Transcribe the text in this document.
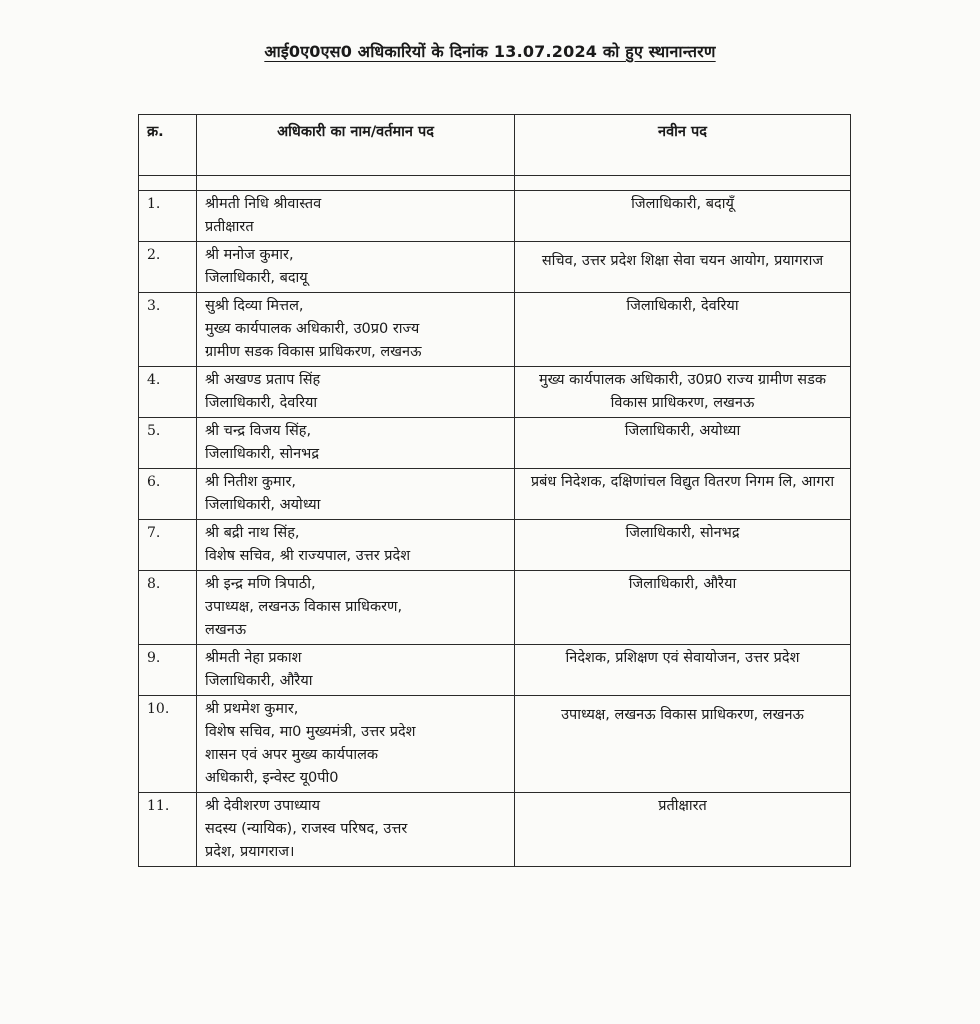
आई0ए0एस0 अधिकारियों के दिनांक 13.07.2024 को हुए स्थानान्तरण
क्र.	अधिकारी का नाम/वर्तमान पद	नवीन पद

1.	श्रीमती निधि श्रीवास्तव
प्रतीक्षारत	जिलाधिकारी, बदायूँ
2.	श्री मनोज कुमार,
जिलाधिकारी, बदायू	सचिव, उत्तर प्रदेश शिक्षा सेवा चयन आयोग, प्रयागराज
3.	सुश्री दिव्या मित्तल,
मुख्य कार्यपालक अधिकारी, उ0प्र0 राज्य
ग्रामीण सडक विकास प्राधिकरण, लखनऊ	जिलाधिकारी, देवरिया
4.	श्री अखण्ड प्रताप सिंह
जिलाधिकारी, देवरिया	मुख्य कार्यपालक अधिकारी, उ0प्र0 राज्य ग्रामीण सडक विकास प्राधिकरण, लखनऊ
5.	श्री चन्द्र विजय सिंह,
जिलाधिकारी, सोनभद्र	जिलाधिकारी, अयोध्या
6.	श्री नितीश कुमार,
जिलाधिकारी, अयोध्या	प्रबंध निदेशक, दक्षिणांचल विद्युत वितरण निगम लि, आगरा
7.	श्री बद्री नाथ सिंह,
विशेष सचिव, श्री राज्यपाल, उत्तर प्रदेश	जिलाधिकारी, सोनभद्र
8.	श्री इन्द्र मणि त्रिपाठी,
उपाध्यक्ष, लखनऊ विकास प्राधिकरण,
लखनऊ	जिलाधिकारी, औरैया
9.	श्रीमती नेहा प्रकाश
जिलाधिकारी, औरैया	निदेशक, प्रशिक्षण एवं सेवायोजन, उत्तर प्रदेश
10.	श्री प्रथमेश कुमार,
विशेष सचिव, मा0 मुख्यमंत्री, उत्तर प्रदेश
शासन एवं अपर मुख्य कार्यपालक
अधिकारी, इन्वेस्ट यू0पी0	उपाध्यक्ष, लखनऊ विकास प्राधिकरण, लखनऊ
11.	श्री देवीशरण उपाध्याय
सदस्य (न्यायिक), राजस्व परिषद, उत्तर
प्रदेश, प्रयागराज।	प्रतीक्षारत
